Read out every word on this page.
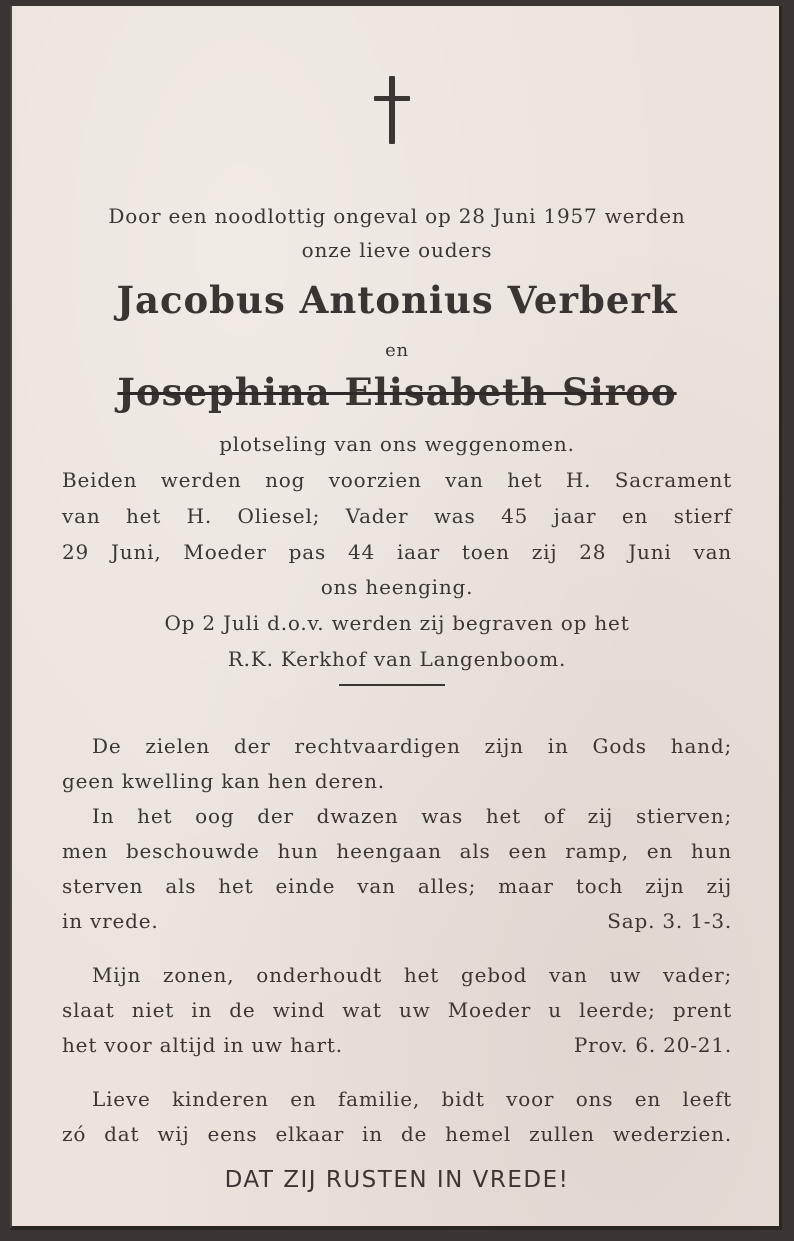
Door een noodlottig ongeval op 28 Juni 1957 werden
onze lieve ouders
Jacobus Antonius Verberk
en
Josephina Elisabeth Siroo
plotseling van ons weggenomen.
Beiden werden nog voorzien van het H. Sacrament
van het H. Oliesel; Vader was 45 jaar en stierf
29 Juni, Moeder pas 44 iaar toen zij 28 Juni van
ons heenging.
Op 2 Juli d.o.v. werden zij begraven op het
R.K. Kerkhof van Langenboom.
De zielen der rechtvaardigen zijn in Gods hand;
geen kwelling kan hen deren.
In het oog der dwazen was het of zij stierven;
men beschouwde hun heengaan als een ramp, en hun
sterven als het einde van alles; maar toch zijn zij
in vrede.	Sap. 3. 1-3.
Mijn zonen, onderhoudt het gebod van uw vader;
slaat niet in de wind wat uw Moeder u leerde; prent
het voor altijd in uw hart.	Prov. 6. 20-21.
Lieve kinderen en familie, bidt voor ons en leeft
zó dat wij eens elkaar in de hemel zullen wederzien.
DAT ZIJ RUSTEN IN VREDE!
